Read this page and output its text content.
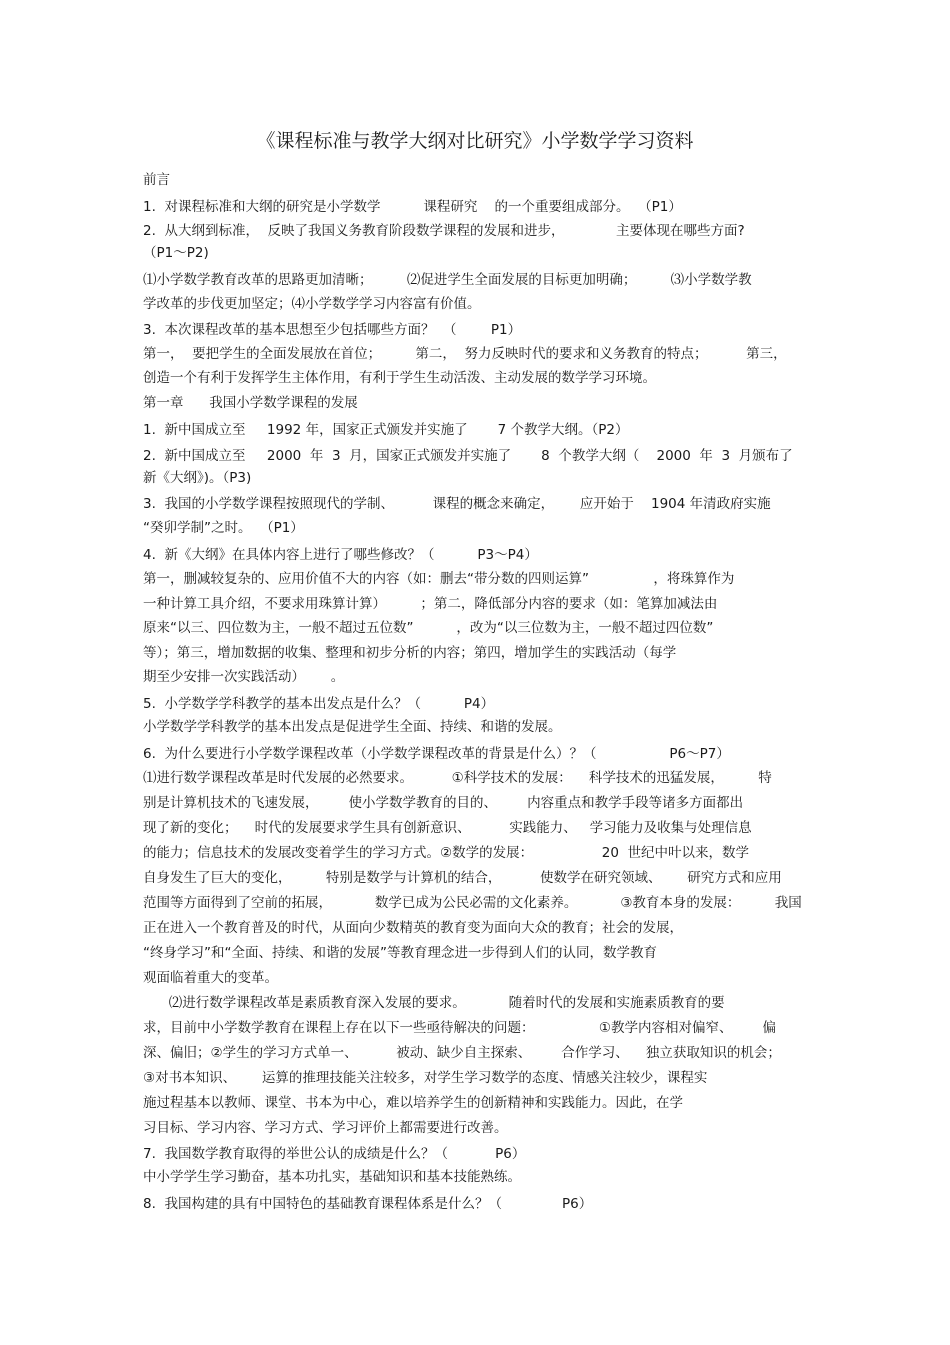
《课程标准与教学大纲对比研究》小学数学学习资料
前言
1.  对课程标准和大纲的研究是小学数学          课程研究    的一个重要组成部分。  （P1）
2.  从大纲到标准，  反映了我国义务教育阶段数学课程的发展和进步，            主要体现在哪些方面?
（P1～P2)
⑴小学数学教育改革的思路更加清晰；        ⑵促进学生全面发展的目标更加明确；        ⑶小学数学教
学改革的步伐更加坚定；⑷小学数学学习内容富有价值。
3.  本次课程改革的基本思想至少包括哪些方面？  （        P1）
第一，  要把学生的全面发展放在首位；        第二，  努力反映时代的要求和义务教育的特点；         第三，
创造一个有利于发挥学生主体作用，有利于学生生动活泼、主动发展的数学学习环境。
第一章      我国小学数学课程的发展
1.  新中国成立至     1992 年，国家正式颁发并实施了       7 个教学大纲。（P2）
2.  新中国成立至     2000  年  3  月，国家正式颁发并实施了       8  个教学大纲（    2000  年  3  月颁布了
新《大纲》)。（P3)
3.  我国的小学数学课程按照现代的学制、         课程的概念来确定，      应开始于    1904 年清政府实施
“癸卯学制”之时。  （P1）
4.  新《大纲》在具体内容上进行了哪些修改？（          P3～P4）
第一，删减较复杂的、应用价值不大的内容（如：删去“带分数的四则运算”               ，将珠算作为
一种计算工具介绍，不要求用珠算计算）        ；第二，降低部分内容的要求（如：笔算加减法由
原来“以三、四位数为主，一般不超过五位数”          ，改为“以三位数为主，一般不超过四位数”
等）；第三，增加数据的收集、整理和初步分析的内容；第四，增加学生的实践活动（每学
期至少安排一次实践活动）      。
5.  小学数学学科教学的基本出发点是什么？（          P4）
小学数学学科教学的基本出发点是促进学生全面、持续、和谐的发展。
6.  为什么要进行小学数学课程改革（小学数学课程改革的背景是什么）？（                 P6～P7）
⑴进行数学课程改革是时代发展的必然要求。         ①科学技术的发展：    科学技术的迅猛发展，        特
别是计算机技术的飞速发展，       使小学数学教育的目的、       内容重点和教学手段等诸多方面都出
现了新的变化；    时代的发展要求学生具有创新意识、         实践能力、   学习能力及收集与处理信息
的能力；信息技术的发展改变着学生的学习方式。②数学的发展：                20  世纪中叶以来，数学
自身发生了巨大的变化，        特别是数学与计算机的结合，         使数学在研究领域、      研究方式和应用
范围等方面得到了空前的拓展，          数学已成为公民必需的文化素养。          ③教育本身的发展：        我国
正在进入一个教育普及的时代，从面向少数精英的教育变为面向大众的教育；社会的发展，
“终身学习”和“全面、持续、和谐的发展”等教育理念进一步得到人们的认同，数学教育
观面临着重大的变革。
⑵进行数学课程改革是素质教育深入发展的要求。          随着时代的发展和实施素质教育的要
求，目前中小学数学教育在课程上存在以下一些亟待解决的问题：               ①教学内容相对偏窄、       偏
深、偏旧；②学生的学习方式单一、         被动、缺少自主探索、       合作学习、    独立获取知识的机会；
③对书本知识、      运算的推理技能关注较多，对学生学习数学的态度、情感关注较少，课程实
施过程基本以教师、课堂、书本为中心，难以培养学生的创新精神和实践能力。因此，在学
习目标、学习内容、学习方式、学习评价上都需要进行改善。
7.  我国数学教育取得的举世公认的成绩是什么？（           P6）
中小学学生学习勤奋，基本功扎实，基础知识和基本技能熟练。
8.  我国构建的具有中国特色的基础教育课程体系是什么？（              P6）
